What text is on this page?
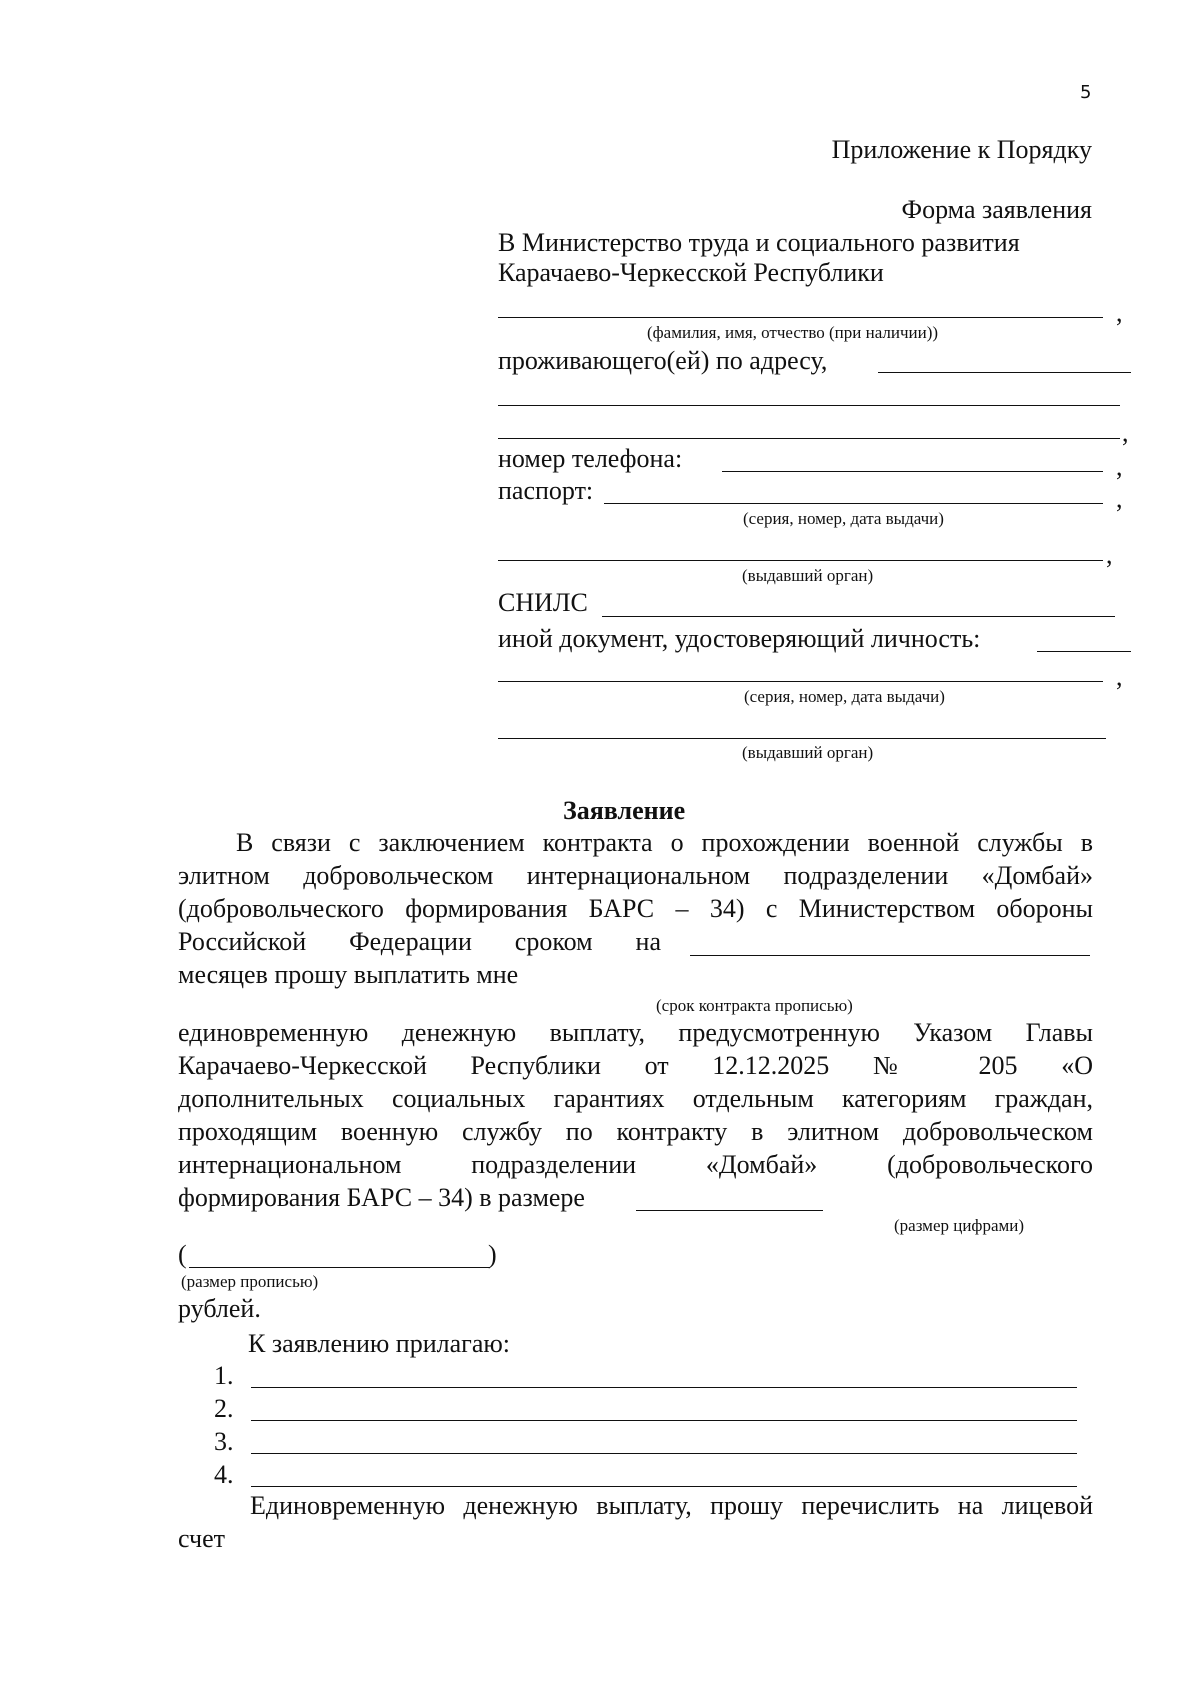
5
Приложение к Порядку
Форма заявления
В Министерство труда и социального развития
Карачаево-Черкесской Республики
,
(фамилия, имя, отчество (при наличии))
проживающего(ей) по адресу,
,
номер телефона:	,
паспорт:	,
(серия, номер, дата выдачи)
,
(выдавший орган)
СНИЛС
иной документ, удостоверяющий личность:
,
(серия, номер, дата выдачи)
(выдавший орган)
Заявление
В связи с заключением контракта о прохождении военной службы в
элитном добровольческом интернациональном подразделении «Домбай»
(добровольческого формирования БАРС – 34) с Министерством обороны
Российской Федерации сроком на
месяцев прошу выплатить мне
(срок контракта прописью)
единовременную денежную выплату, предусмотренную Указом Главы
Карачаево-Черкесской Республики от 12.12.2025 № 205 «О
дополнительных социальных гарантиях отдельным категориям граждан,
проходящим военную службу по контракту в элитном добровольческом
интернациональном подразделении «Домбай» (добровольческого
формирования БАРС – 34) в размере
(размер цифрами)
(	)
(размер прописью)
рублей.
К заявлению прилагаю:
1.
2.
3.
4.
Единовременную денежную выплату, прошу перечислить на лицевой
счет
